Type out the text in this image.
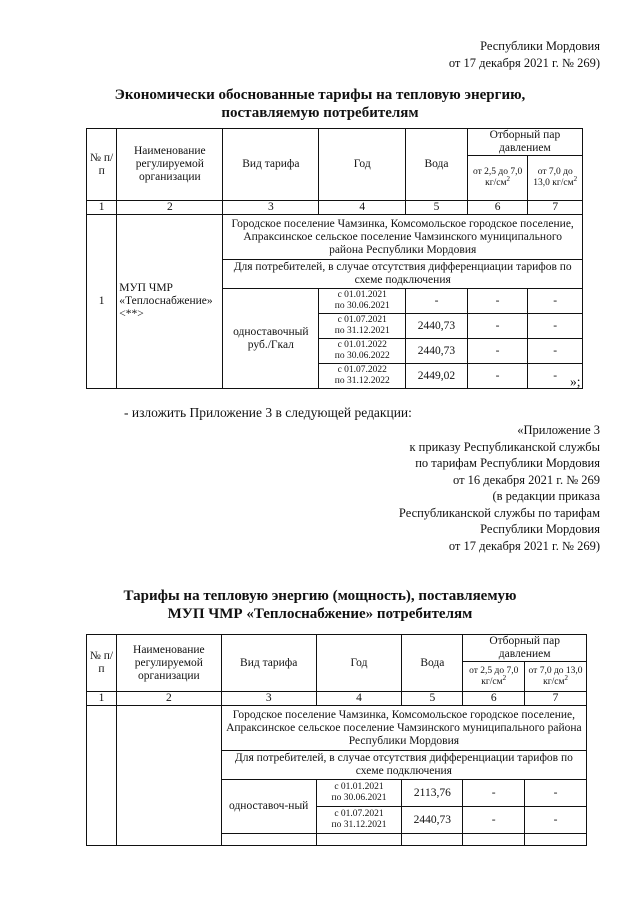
Республики Мордовия
от 17 декабря 2021 г. № 269)
Экономически обоснованные тарифы на тепловую энергию,
поставляемую потребителям
№ п/п	Наименование регулируемой организации	Вид тарифа	Год	Вода	Отборный пар давлением	
					от 2,5 до 7,0 $кг/см^2$	от 7,0 до 13,0 $кг/см^2$
1	2	3	4	5	6	7
1	МУП ЧМР «Теплоснабжение» <**>	Городское поселение Чамзинка, Комсомольское городское поселение, Апраксинское сельское поселение Чамзинского муниципального района Республики Мордовия				
		Для потребителей, в случае отсутствия дифференциации тарифов по схеме подключения				
		одноставочный руб./Гкал	с 01.01.2021
по 30.06.2021	-	-	-

			с 01.07.2021
по 31.12.2021	2440,73	-	-

			с 01.01.2022
по 30.06.2022	2440,73	-	-

			с 01.07.2022
по 31.12.2022	2449,02	-	- »;
- изложить Приложение 3 в следующей редакции:
«Приложение 3
к приказу Республиканской службы
по тарифам Республики Мордовия
от 16 декабря 2021 г. № 269
(в редакции приказа
Республиканской службы по тарифам
Республики Мордовия
от 17 декабря 2021 г. № 269)
Тарифы на тепловую энергию (мощность), поставляемую
МУП ЧМР «Теплоснабжение» потребителям
№ п/п	Наименование регулируемой организации	Вид тарифа	Год	Вода	Отборный пар давлением	
					от 2,5 до 7,0 $кг/см^2$	от 7,0 до 13,0 $кг/см^2$
1	2	3	4	5	6	7
		Городское поселение Чамзинка, Комсомольское городское поселение, Апраксинское сельское поселение Чамзинского муниципального района Республики Мордовия				
		Для потребителей, в случае отсутствия дифференциации тарифов по схеме подключения				
		одноставоч-ный	с 01.01.2021
по 30.06.2021	2113,76	-	-

			с 01.07.2021
по 31.12.2021	2440,73	-	-
